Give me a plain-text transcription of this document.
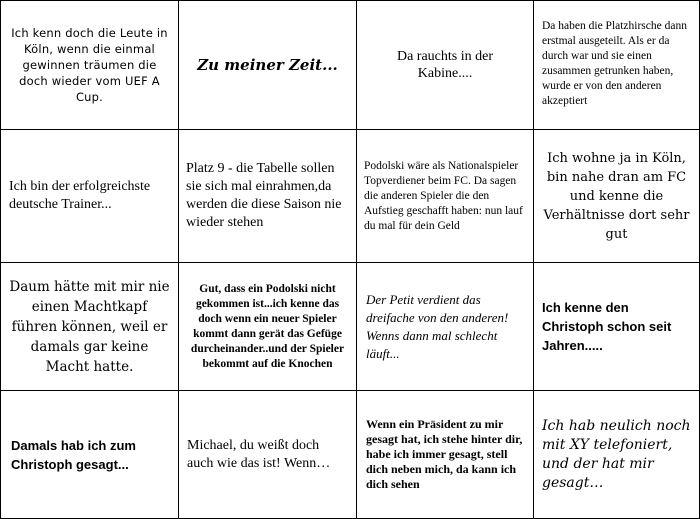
Ich kenn doch die Leute in Köln, wenn die einmal gewinnen träumen die doch wieder vom UEF A Cup.
Zu meiner Zeit...	Da rauchts in der Kabine....
Da haben die Platzhirsche dann erstmal ausgeteilt. Als er da durch war und sie einen zusammen getrunken haben, wurde er von den anderen akzeptiert
Ich bin der erfolgreichste deutsche Trainer...
Platz 9 - die Tabelle sollen sie sich mal einrahmen,da werden die diese Saison nie wieder stehen
Podolski wäre als Nationalspieler Topverdiener beim FC. Da sagen die anderen Spieler die den Aufstieg geschafft haben: nun lauf du mal für dein Geld
Ich wohne ja in Köln, bin nahe dran am FC und kenne die Verhältnisse dort sehr gut
Daum hätte mit mir nie einen Machtkapf führen können, weil er damals gar keine Macht hatte.
Gut, dass ein Podolski nicht gekommen ist...ich kenne das doch wenn ein neuer Spieler kommt dann gerät das Gefüge durcheinander..und der Spieler bekommt auf die Knochen
Der Petit verdient das dreifache von den anderen! Wenns dann mal schlecht läuft...
Ich kenne den Christoph schon seit Jahren.....
Damals hab ich zum Christoph gesagt...
Michael, du weißt doch auch wie das ist! Wenn…
Wenn ein Präsident zu mir gesagt hat, ich stehe hinter dir, habe ich immer gesagt, stell dich neben mich, da kann ich dich sehen
Ich hab neulich noch mit XY telefoniert, und der hat mir gesagt…
